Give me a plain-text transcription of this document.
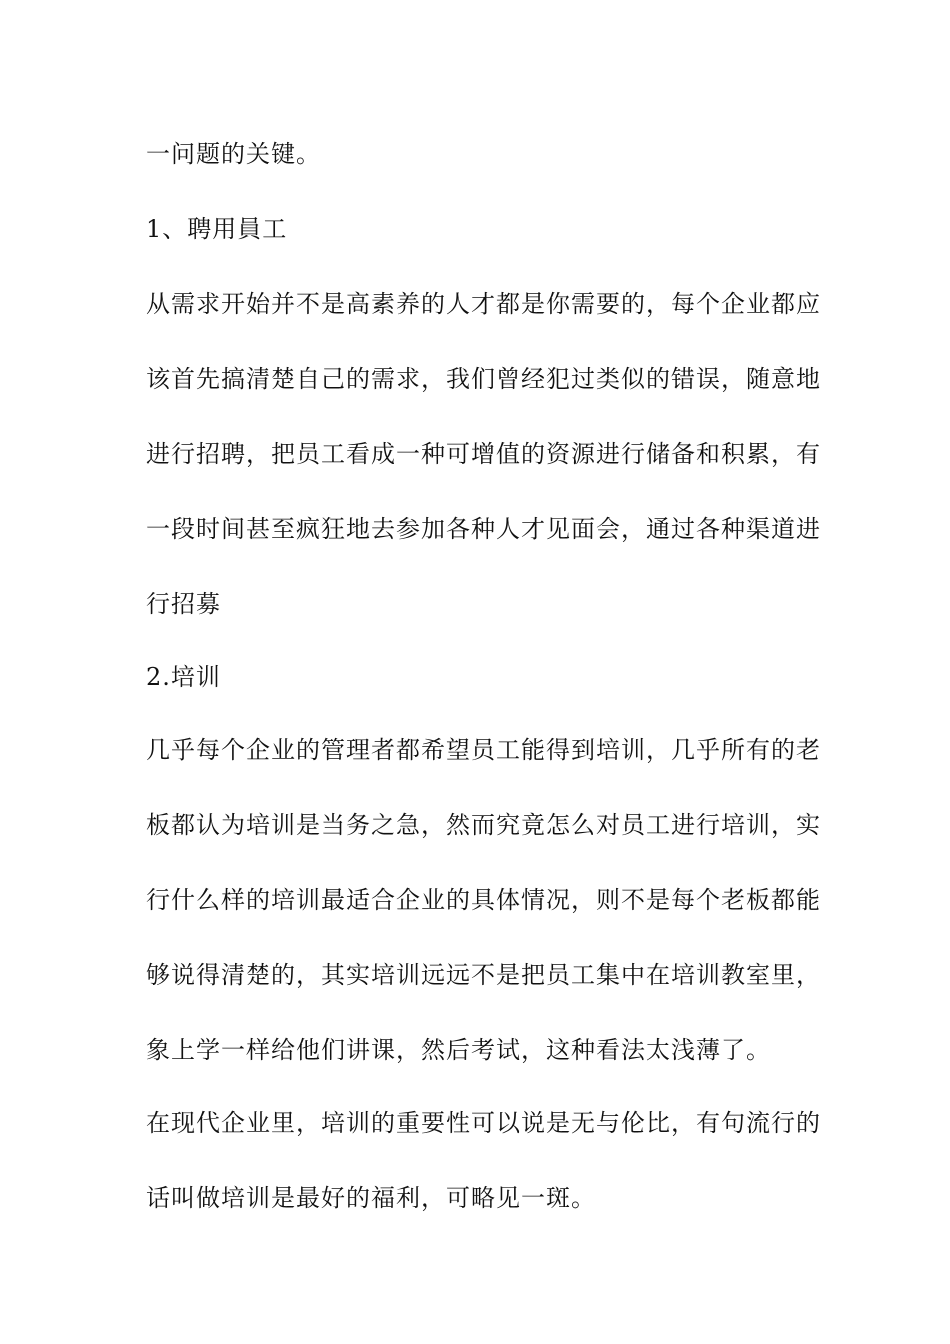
一问题的关键。
1、聘用員工
从需求开始并不是高素养的人才都是你需要的，每个企业都应
该首先搞清楚自己的需求，我们曾经犯过类似的错误，随意地
进行招聘，把员工看成一种可增值的资源进行储备和积累，有
一段时间甚至疯狂地去参加各种人才见面会，通过各种渠道进
行招募
2.培训
几乎每个企业的管理者都希望员工能得到培训，几乎所有的老
板都认为培训是当务之急，然而究竟怎么对员工进行培训，实
行什么样的培训最适合企业的具体情况，则不是每个老板都能
够说得清楚的，其实培训远远不是把员工集中在培训教室里，
象上学一样给他们讲课，然后考试，这种看法太浅薄了。
在现代企业里，培训的重要性可以说是无与伦比，有句流行的
话叫做培训是最好的福利，可略见一斑。
